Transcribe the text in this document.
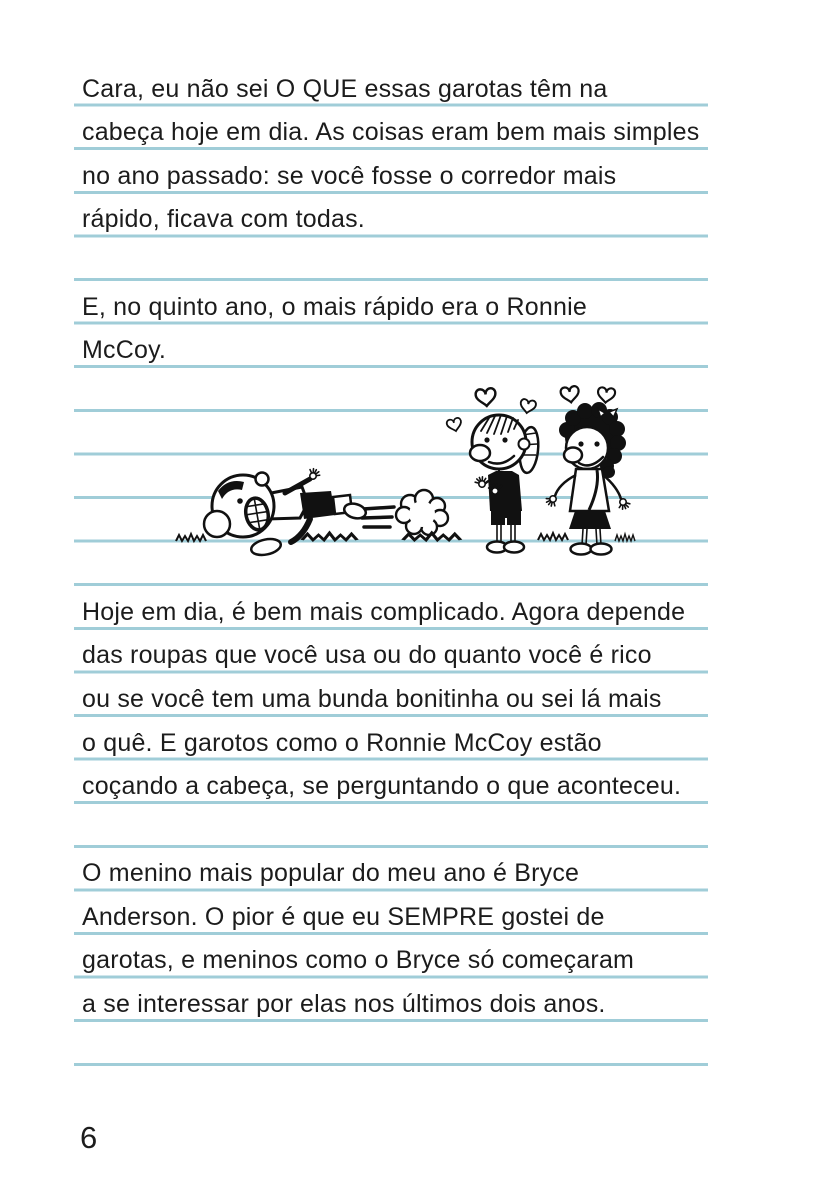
Cara, eu não sei O QUE essas garotas têm na
cabeça hoje em dia. As coisas eram bem mais simples
no ano passado: se você fosse o corredor mais
rápido, ficava com todas.
E, no quinto ano, o mais rápido era o Ronnie
McCoy.
Hoje em dia, é bem mais complicado. Agora depende
das roupas que você usa ou do quanto você é rico
ou se você tem uma bunda bonitinha ou sei lá mais
o quê. E garotos como o Ronnie McCoy estão
coçando a cabeça, se perguntando o que aconteceu.
O menino mais popular do meu ano é Bryce
Anderson. O pior é que eu SEMPRE gostei de
garotas, e meninos como o Bryce só começaram
a se interessar por elas nos últimos dois anos.
6
